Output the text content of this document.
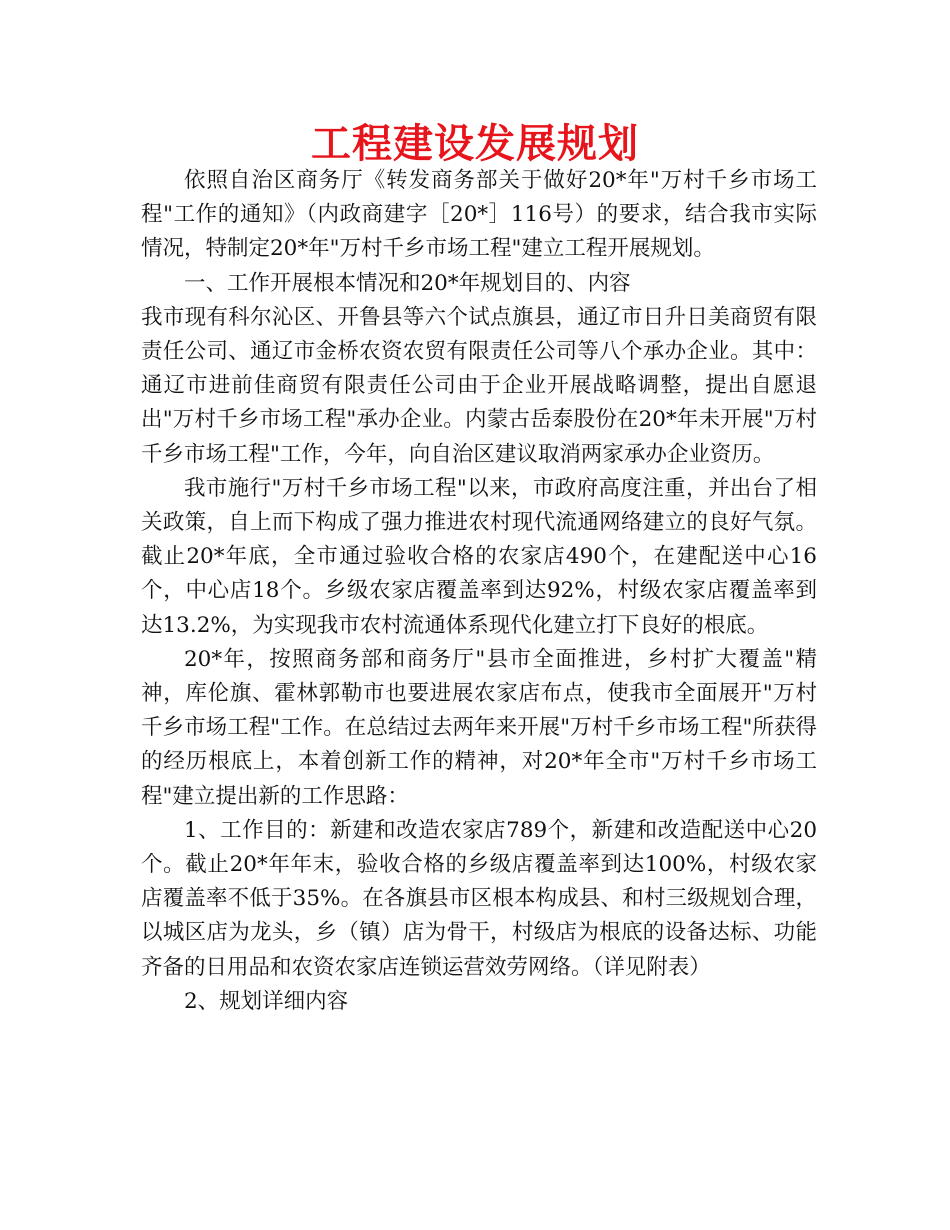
工程建设发展规划

依照自治区商务厅《转发商务部关于做好20*年"万村千乡市场工程"工作的通知》（内政商建字［20*］116号）的要求，结合我市实际情况，特制定20*年"万村千乡市场工程"建立工程开展规划。

一、工作开展根本情况和20*年规划目的、内容

我市现有科尔沁区、开鲁县等六个试点旗县，通辽市日升日美商贸有限责任公司、通辽市金桥农资农贸有限责任公司等八个承办企业。其中：通辽市进前佳商贸有限责任公司由于企业开展战略调整，提出自愿退出"万村千乡市场工程"承办企业。内蒙古岳泰股份在20*年未开展"万村千乡市场工程"工作，今年，向自治区建议取消两家承办企业资历。

我市施行"万村千乡市场工程"以来，市政府高度注重，并出台了相关政策，自上而下构成了强力推进农村现代流通网络建立的良好气氛。截止20*年底，全市通过验收合格的农家店490个，在建配送中心16个，中心店18个。乡级农家店覆盖率到达92%，村级农家店覆盖率到达13.2%，为实现我市农村流通体系现代化建立打下良好的根底。

20*年，按照商务部和商务厅"县市全面推进，乡村扩大覆盖"精神，库伦旗、霍林郭勒市也要进展农家店布点，使我市全面展开"万村千乡市场工程"工作。在总结过去两年来开展"万村千乡市场工程"所获得的经历根底上，本着创新工作的精神，对20*年全市"万村千乡市场工程"建立提出新的工作思路：

1、工作目的：新建和改造农家店789个，新建和改造配送中心20个。截止20*年年末，验收合格的乡级店覆盖率到达100%，村级农家店覆盖率不低于35%。在各旗县市区根本构成县、和村三级规划合理，以城区店为龙头，乡（镇）店为骨干，村级店为根底的设备达标、功能齐备的日用品和农资农家店连锁运营效劳网络。（详见附表）

2、规划详细内容
